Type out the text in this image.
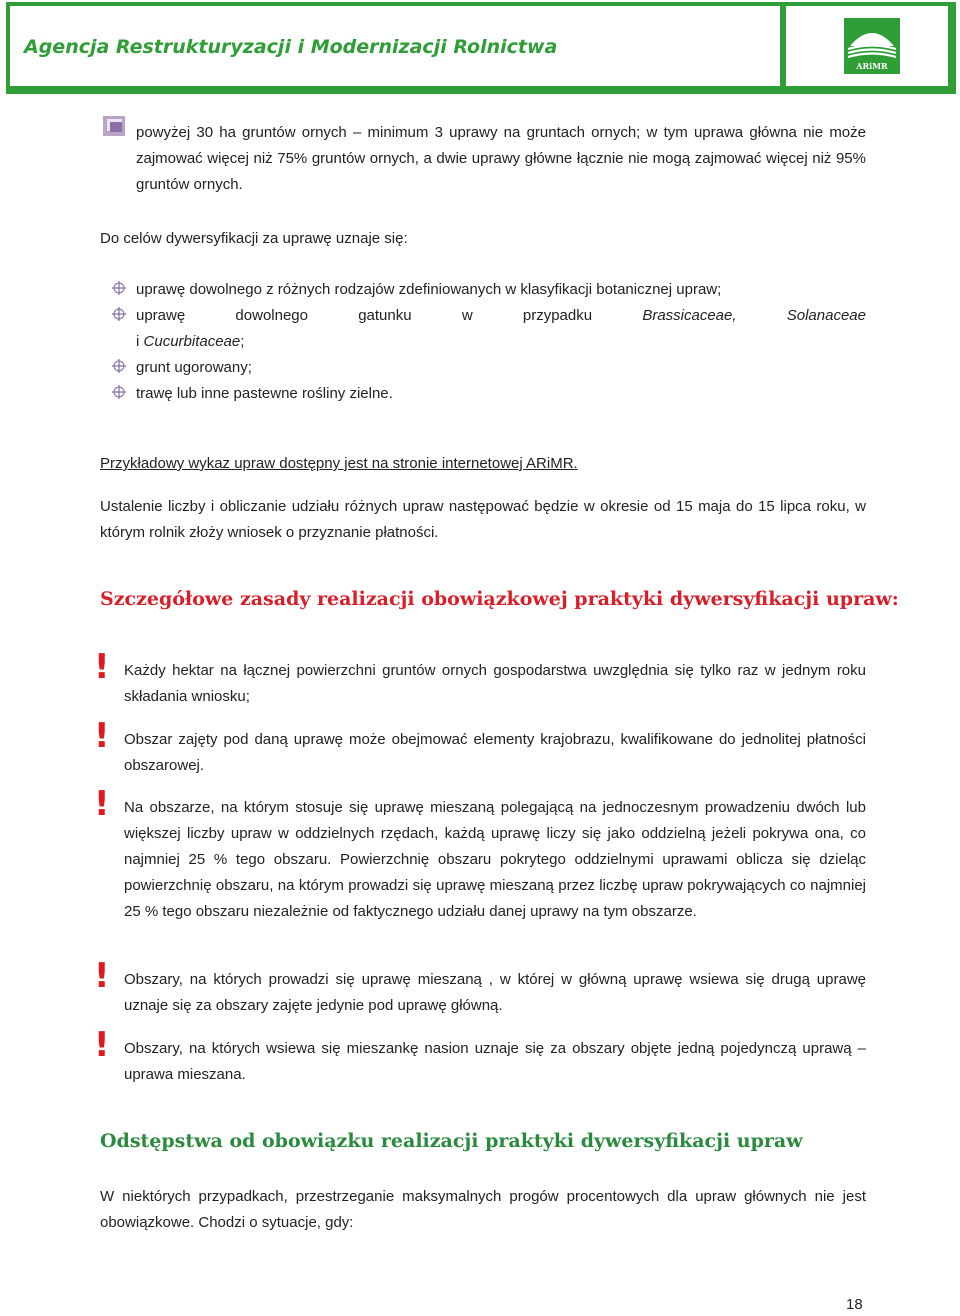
Agencja Restrukturyzacji i Modernizacji Rolnictwa
ARiMR
powyżej 30 ha gruntów ornych – minimum 3 uprawy na gruntach ornych; w tym uprawa główna nie może zajmować więcej niż 75% gruntów ornych, a dwie uprawy główne łącznie nie mogą zajmować więcej niż 95% gruntów ornych.
Do celów dywersyfikacji za uprawę uznaje się:
uprawę dowolnego z różnych rodzajów zdefiniowanych w klasyfikacji botanicznej upraw;
uprawę	dowolnego	gatunku	w	przypadku	Brassicaceae,	Solanaceae
i Cucurbitaceae;
grunt ugorowany;
trawę lub inne pastewne rośliny zielne.
Przykładowy wykaz upraw dostępny jest na stronie internetowej ARiMR.
Ustalenie liczby i obliczanie udziału różnych upraw następować będzie w okresie od 15 maja do 15 lipca roku, w którym rolnik złoży wniosek o przyznanie płatności.
Szczegółowe zasady realizacji obowiązkowej praktyki dywersyfikacji upraw:
! Każdy hektar na łącznej powierzchni gruntów ornych gospodarstwa uwzględnia się tylko raz w jednym roku składania wniosku;
! Obszar zajęty pod daną uprawę może obejmować elementy krajobrazu, kwalifikowane do jednolitej płatności obszarowej.
! Na obszarze, na którym stosuje się uprawę mieszaną polegającą na jednoczesnym prowadzeniu dwóch lub większej liczby upraw w oddzielnych rzędach, każdą uprawę liczy się jako oddzielną jeżeli pokrywa ona, co najmniej 25 % tego obszaru. Powierzchnię obszaru pokrytego oddzielnymi uprawami oblicza się dzieląc powierzchnię obszaru, na którym prowadzi się uprawę mieszaną przez liczbę upraw pokrywających co najmniej 25 % tego obszaru niezależnie od faktycznego udziału danej uprawy na tym obszarze.
! Obszary, na których prowadzi się uprawę mieszaną , w której w główną uprawę wsiewa się drugą uprawę uznaje się za obszary zajęte jedynie pod uprawę główną.
! Obszary, na których wsiewa się mieszankę nasion uznaje się za obszary objęte jedną pojedynczą uprawą – uprawa mieszana.
Odstępstwa od obowiązku realizacji praktyki dywersyfikacji upraw
W niektórych przypadkach, przestrzeganie maksymalnych progów procentowych dla upraw głównych nie jest obowiązkowe. Chodzi o sytuacje, gdy:
18
